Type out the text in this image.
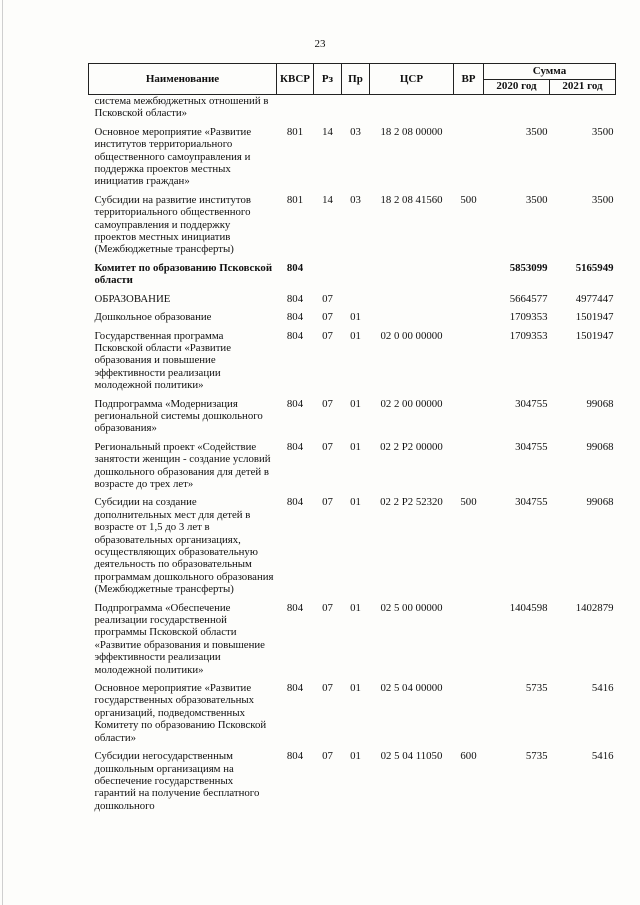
23
Наименование	КВСР	Рз	Пр	ЦСР	ВР	Сумма	
						2020 год	2021 год
система межбюджетных отношений в Псковской области»							

Основное мероприятие «Развитие институтов территориального общественного самоуправления и поддержка проектов местных инициатив граждан»	801	14	03	18 2 08 00000		3500	3500

Субсидии на развитие институтов территориального общественного самоуправления и поддержку проектов местных инициатив (Межбюджетные трансферты)	801	14	03	18 2 08 41560	500	3500	3500

Комитет по образованию Псковской области	804					5853099	5165949

ОБРАЗОВАНИЕ	804	07				5664577	4977447

Дошкольное образование	804	07	01			1709353	1501947

Государственная программа Псковской области «Развитие образования и повышение эффективности реализации молодежной политики»	804	07	01	02 0 00 00000		1709353	1501947

Подпрограмма «Модернизация региональной системы дошкольного образования»	804	07	01	02 2 00 00000		304755	99068

Региональный проект «Содействие занятости женщин - создание условий дошкольного образования для детей в возрасте до трех лет»	804	07	01	02 2 P2 00000		304755	99068

Субсидии на создание дополнительных мест для детей в возрасте от 1,5 до 3 лет в образовательных организациях, осуществляющих образовательную деятельность по образовательным программам дошкольного образования (Межбюджетные трансферты)	804	07	01	02 2 P2 52320	500	304755	99068

Подпрограмма «Обеспечение реализации государственной программы Псковской области «Развитие образования и повышение эффективности реализации молодежной политики»	804	07	01	02 5 00 00000		1404598	1402879

Основное мероприятие «Развитие государственных образовательных организаций, подведомственных Комитету по образованию Псковской области»	804	07	01	02 5 04 00000		5735	5416

Субсидии негосударственным дошкольным организациям на обеспечение государственных гарантий на получение бесплатного дошкольного	804	07	01	02 5 04 11050	600	5735	5416
